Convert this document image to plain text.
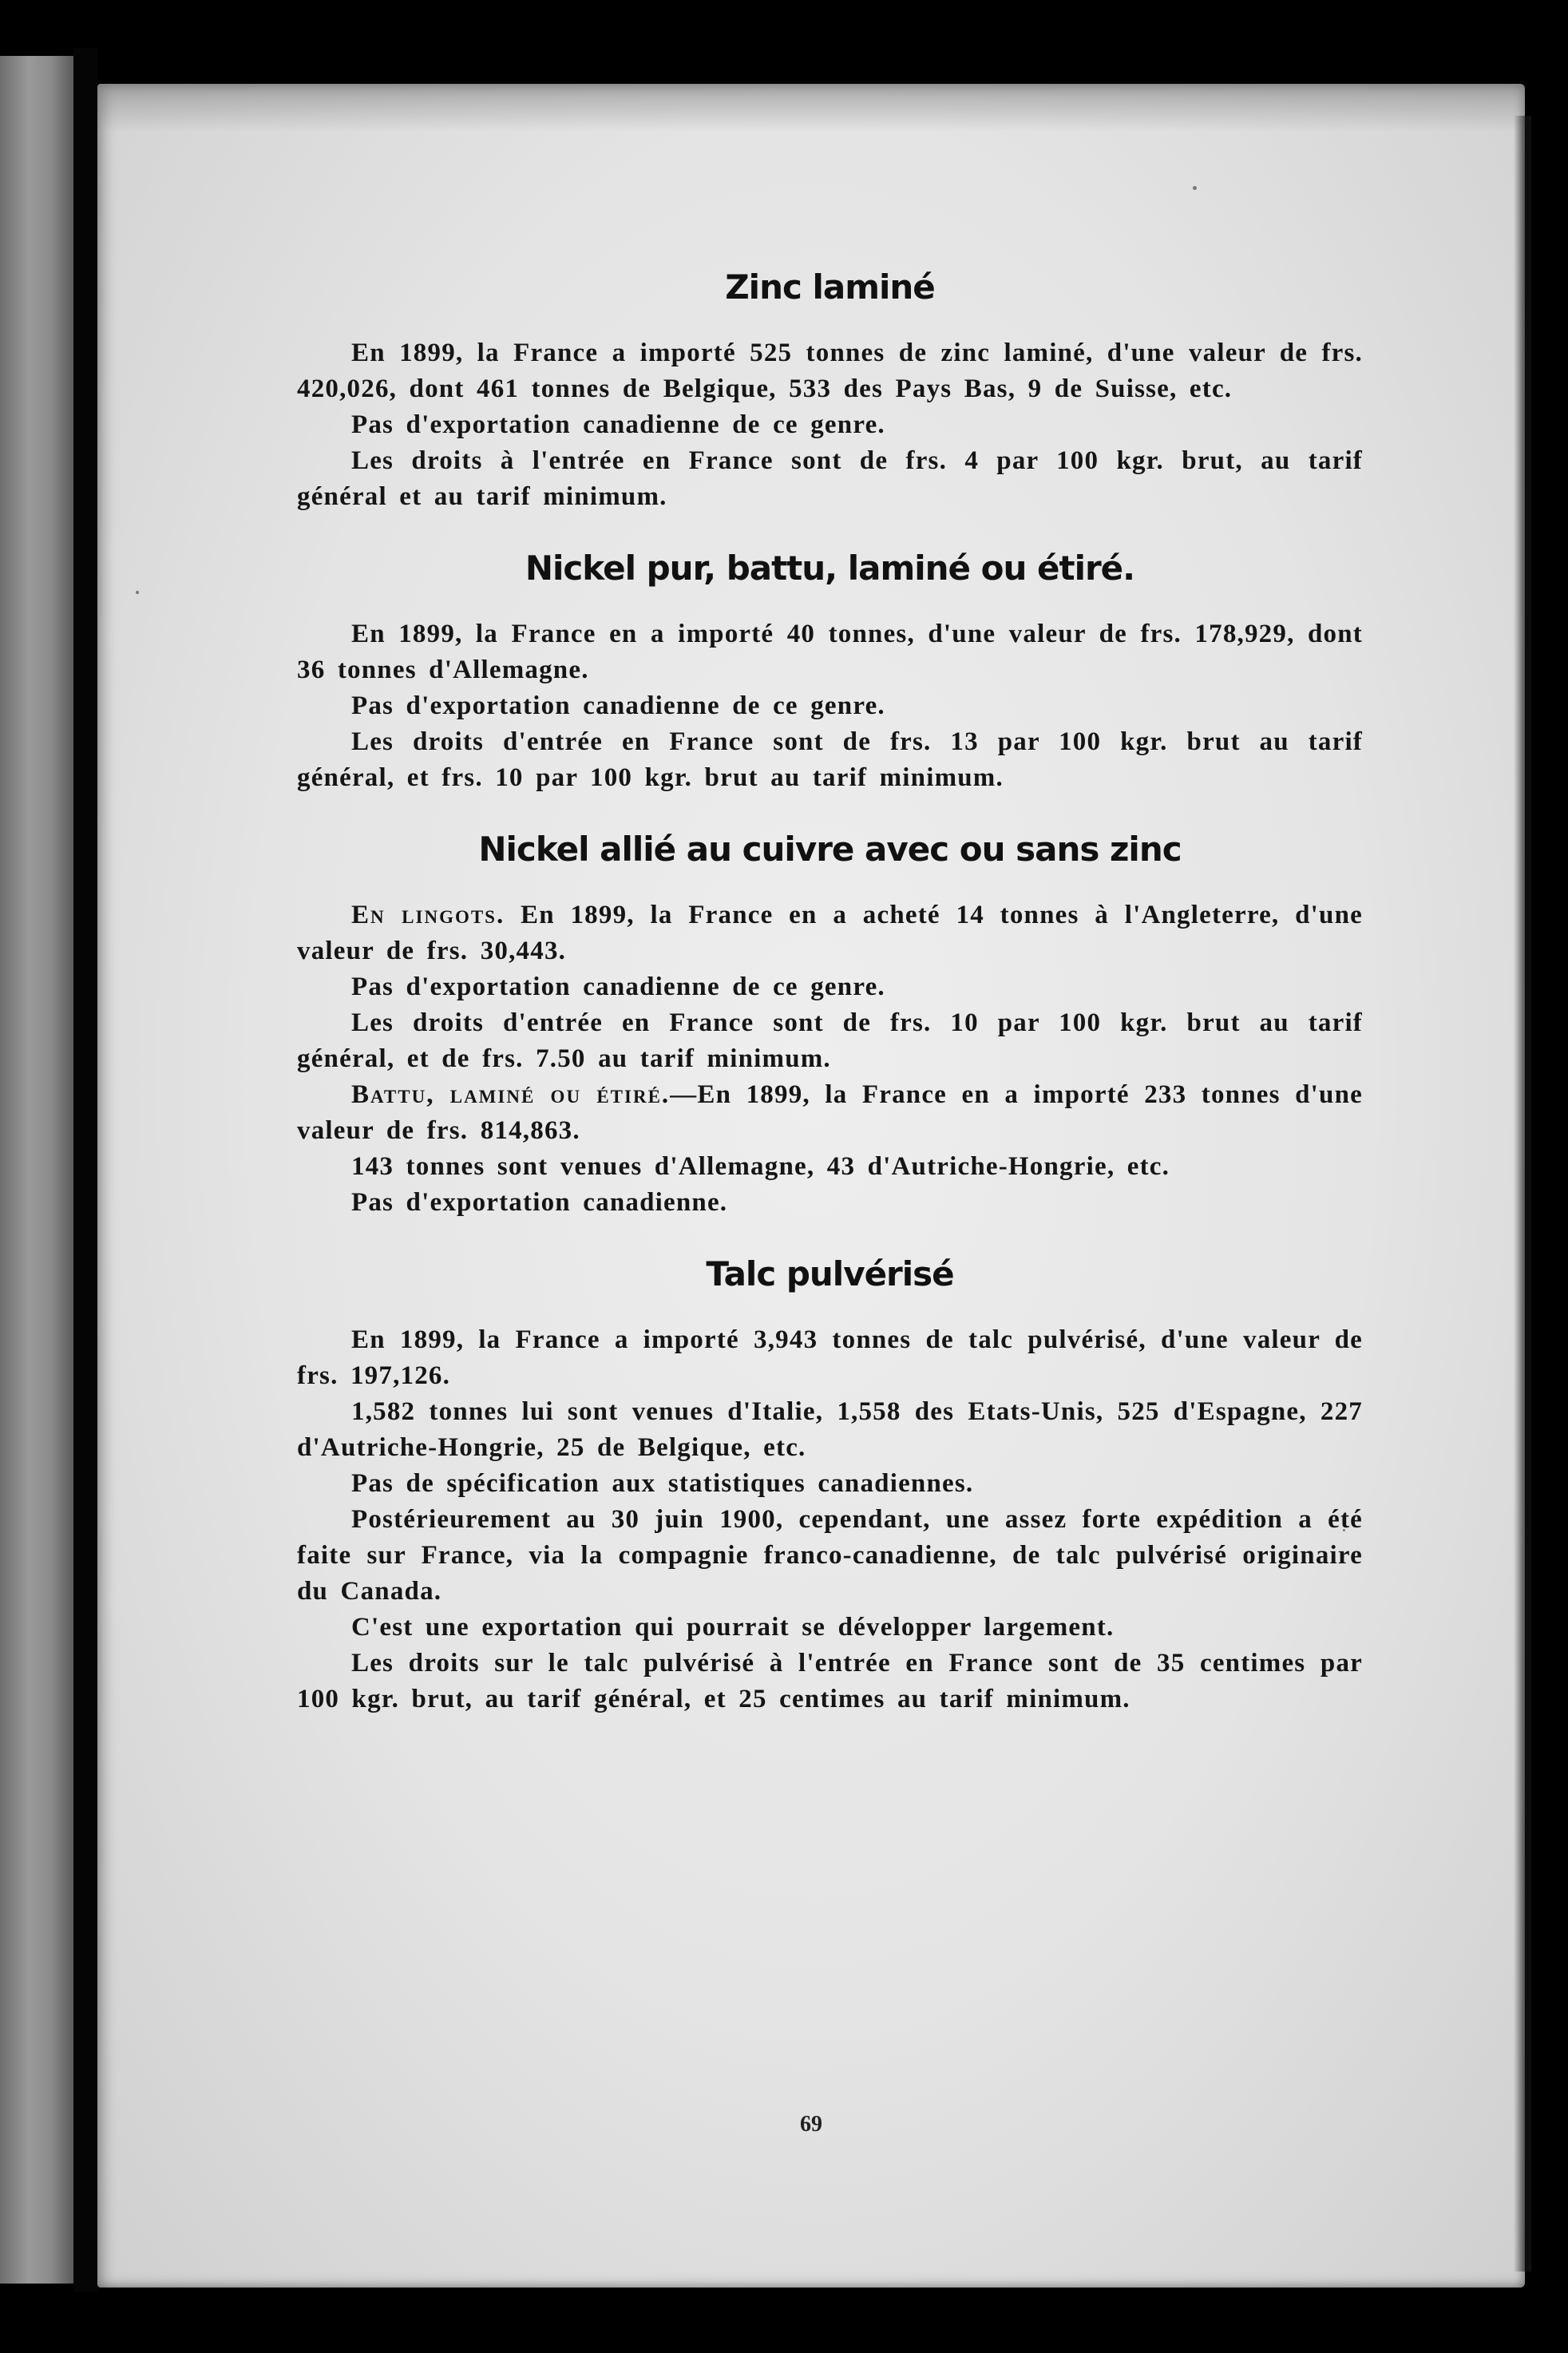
Zinc laminé

En 1899, la France a importé 525 tonnes de zinc laminé, d'une valeur de frs. 420,026, dont 461 tonnes de Belgique, 533 des Pays Bas, 9 de Suisse, etc.

Pas d'exportation canadienne de ce genre.

Les droits à l'entrée en France sont de frs. 4 par 100 kgr. brut, au tarif général et au tarif minimum.

Nickel pur, battu, laminé ou étiré.

En 1899, la France en a importé 40 tonnes, d'une valeur de frs. 178,929, dont 36 tonnes d'Allemagne.

Pas d'exportation canadienne de ce genre.

Les droits d'entrée en France sont de frs. 13 par 100 kgr. brut au tarif général, et frs. 10 par 100 kgr. brut au tarif minimum.

Nickel allié au cuivre avec ou sans zinc

En lingots. En 1899, la France en a acheté 14 tonnes à l'Angleterre, d'une valeur de frs. 30,443.

Pas d'exportation canadienne de ce genre.

Les droits d'entrée en France sont de frs. 10 par 100 kgr. brut au tarif général, et de frs. 7.50 au tarif minimum.

Battu, laminé ou étiré.—En 1899, la France en a importé 233 tonnes d'une valeur de frs. 814,863.

143 tonnes sont venues d'Allemagne, 43 d'Autriche-Hongrie, etc.

Pas d'exportation canadienne.

Talc pulvérisé

En 1899, la France a importé 3,943 tonnes de talc pulvérisé, d'une valeur de frs. 197,126.

1,582 tonnes lui sont venues d'Italie, 1,558 des Etats-Unis, 525 d'Espagne, 227 d'Autriche-Hongrie, 25 de Belgique, etc.

Pas de spécification aux statistiques canadiennes.

Postérieurement au 30 juin 1900, cependant, une assez forte expédition a été faite sur France, via la compagnie franco-canadienne, de talc pulvérisé originaire du Canada.

C'est une exportation qui pourrait se développer largement.

Les droits sur le talc pulvérisé à l'entrée en France sont de 35 centimes par 100 kgr. brut, au tarif général, et 25 centimes au tarif minimum.

69
